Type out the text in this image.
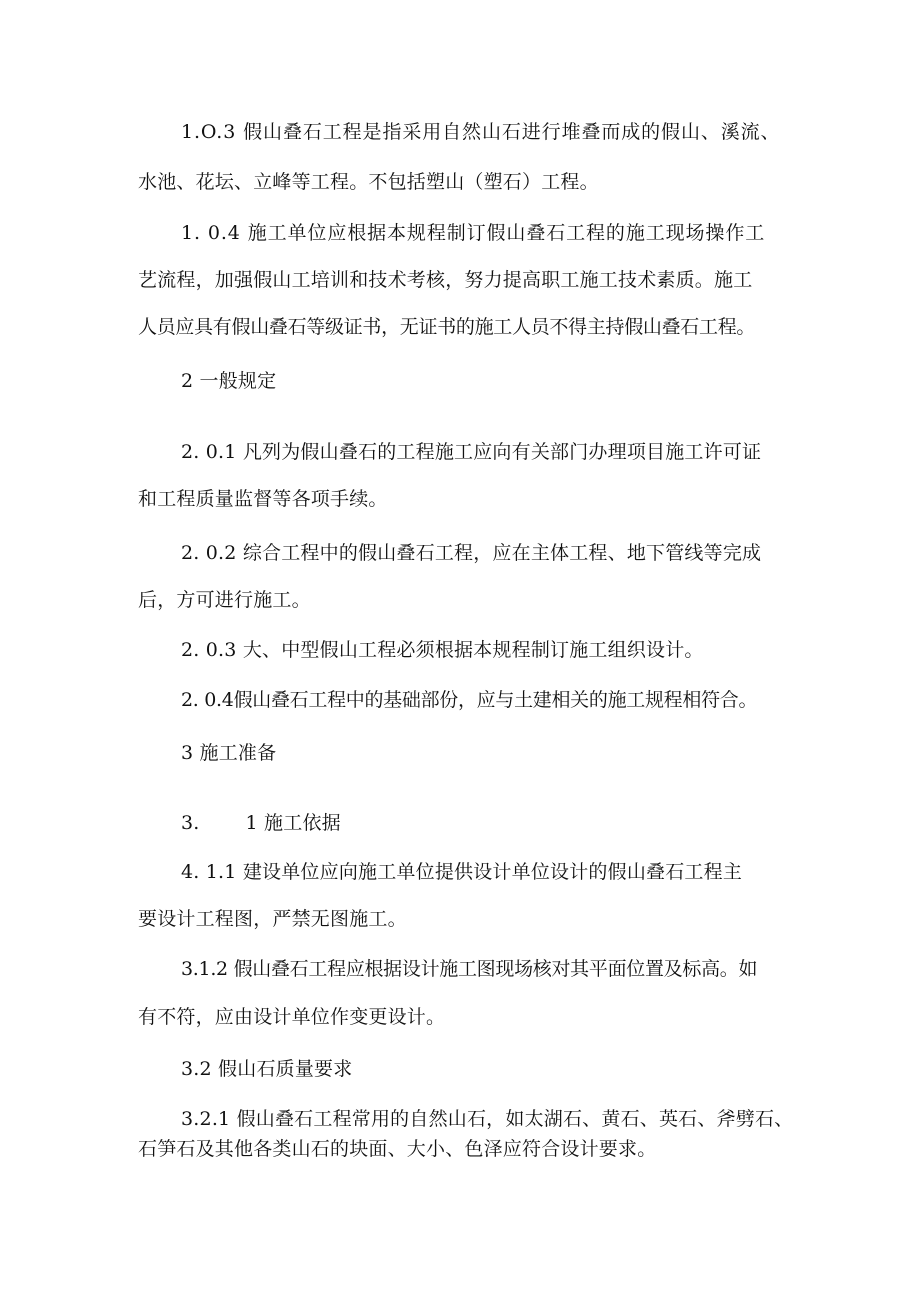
1.O.3 假山叠石工程是指采用自然山石进行堆叠而成的假山、溪流、
水池、花坛、立峰等工程。不包括塑山（塑石）工程。
1. 0.4 施工单位应根据本规程制订假山叠石工程的施工现场操作工
艺流程，加强假山工培训和技术考核，努力提高职工施工技术素质。施工
人员应具有假山叠石等级证书，无证书的施工人员不得主持假山叠石工程。
2 一般规定
2. 0.1 凡列为假山叠石的工程施工应向有关部门办理项目施工许可证
和工程质量监督等各项手续。
2. 0.2 综合工程中的假山叠石工程，应在主体工程、地下管线等完成
后，方可进行施工。
2. 0.3 大、中型假山工程必须根据本规程制订施工组织设计。
2. 0.4假山叠石工程中的基础部份，应与土建相关的施工规程相符合。
3 施工准备
3. 1 施工依据
4. 1.1 建设单位应向施工单位提供设计单位设计的假山叠石工程主
要设计工程图，严禁无图施工。
3.1.2 假山叠石工程应根据设计施工图现场核对其平面位置及标高。如
有不符，应由设计单位作变更设计。
3.2 假山石质量要求
3.2.1 假山叠石工程常用的自然山石，如太湖石、黄石、英石、斧劈石、
石笋石及其他各类山石的块面、大小、色泽应符合设计要求。
